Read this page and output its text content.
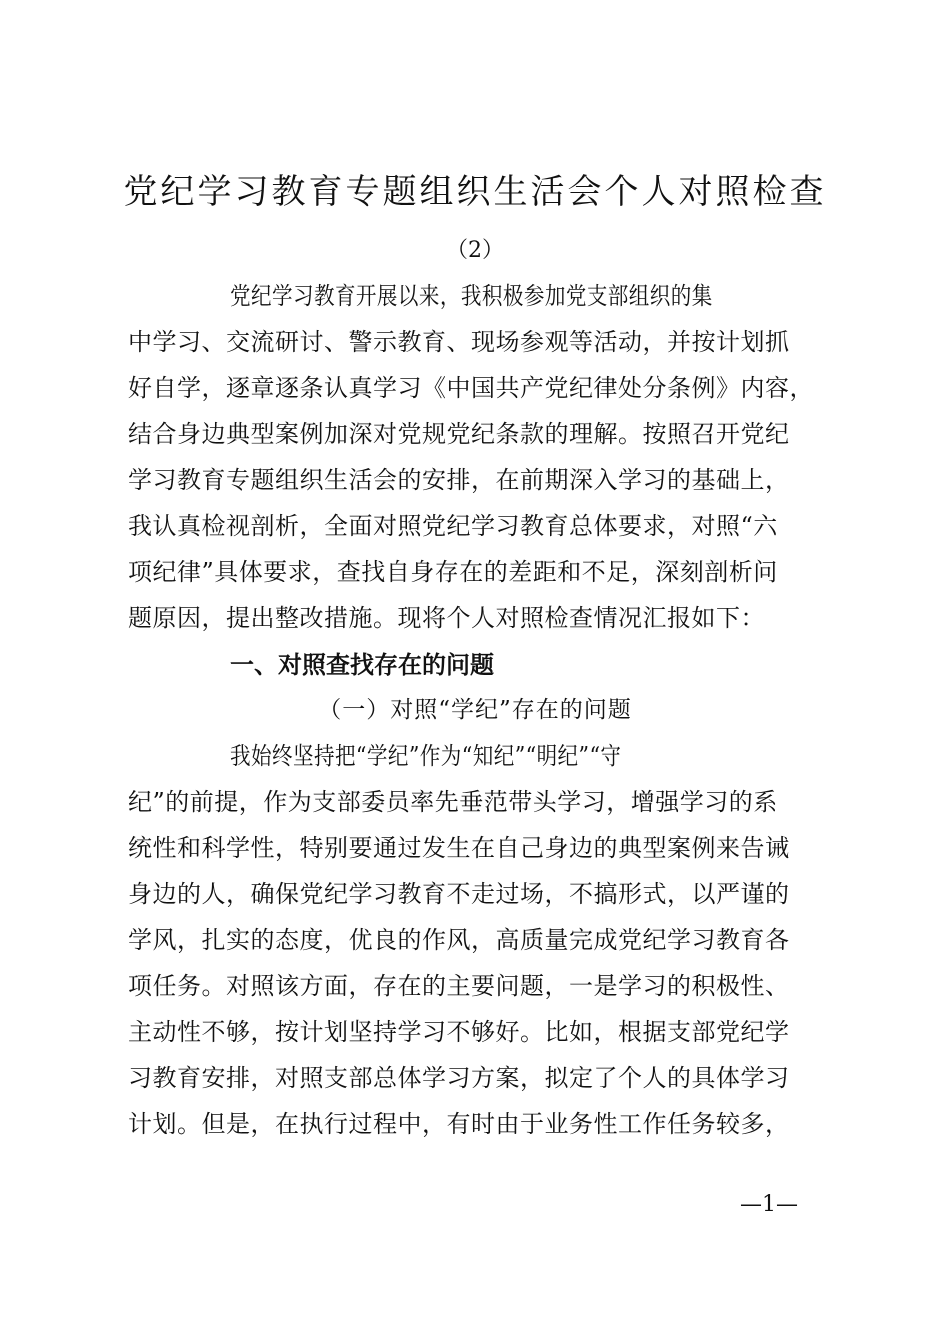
党纪学习教育专题组织生活会个人对照检查
（2）
党纪学习教育开展以来，我积极参加党支部组织的集
中学习、交流研讨、警示教育、现场参观等活动，并按计划抓
好自学，逐章逐条认真学习《中国共产党纪律处分条例》内容，
结合身边典型案例加深对党规党纪条款的理解。按照召开党纪
学习教育专题组织生活会的安排，在前期深入学习的基础上，
我认真检视剖析，全面对照党纪学习教育总体要求，对照“六
项纪律”具体要求，查找自身存在的差距和不足，深刻剖析问
题原因，提出整改措施。现将个人对照检查情况汇报如下：
一、对照查找存在的问题
（一）对照“学纪”存在的问题
我始终坚持把“学纪”作为“知纪”“明纪”“守
纪”的前提，作为支部委员率先垂范带头学习，增强学习的系
统性和科学性，特别要通过发生在自己身边的典型案例来告诫
身边的人，确保党纪学习教育不走过场，不搞形式，以严谨的
学风，扎实的态度，优良的作风，高质量完成党纪学习教育各
项任务。对照该方面，存在的主要问题，一是学习的积极性、
主动性不够，按计划坚持学习不够好。比如，根据支部党纪学
习教育安排，对照支部总体学习方案，拟定了个人的具体学习
计划。但是，在执行过程中，有时由于业务性工作任务较多，
—1—
